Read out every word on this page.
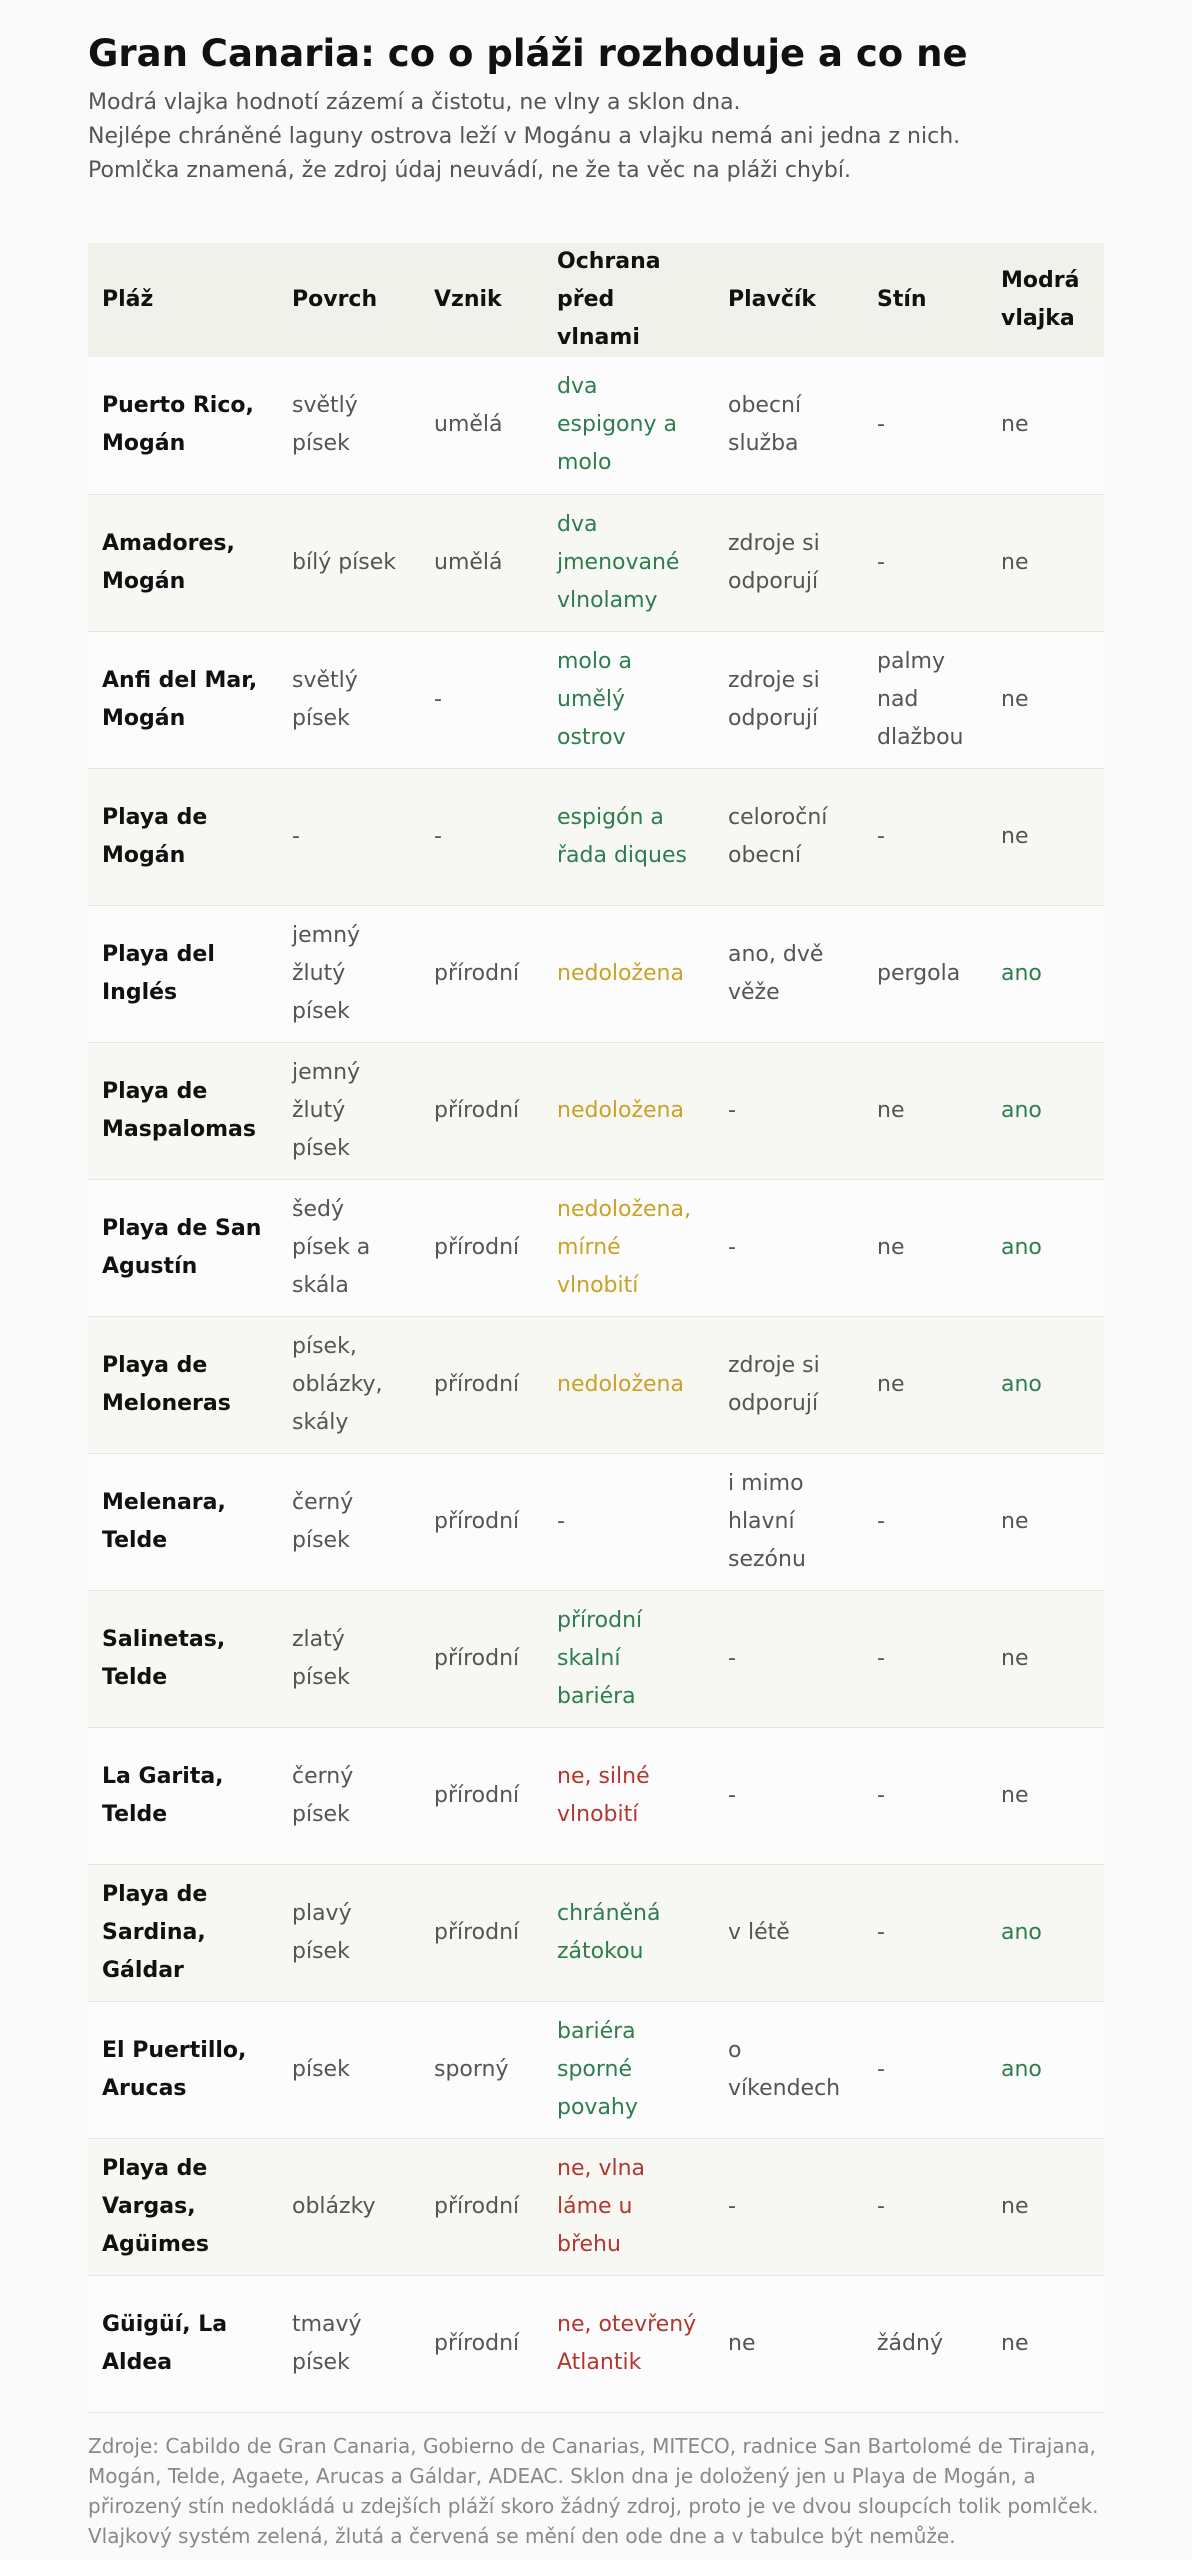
Gran Canaria: co o pláži rozhoduje a co ne
Modrá vlajka hodnotí zázemí a čistotu, ne vlny a sklon dna.
Nejlépe chráněné laguny ostrova leží v Mogánu a vlajku nemá ani jedna z nich.
Pomlčka znamená, že zdroj údaj neuvádí, ne že ta věc na pláži chybí.
Pláž	Povrch	Vznik	Ochrana před vlnami	Plavčík	Stín	Modrá vlajka
Puerto Rico, Mogán	světlý písek	umělá	dva espigony a molo	obecní služba	-	ne
Amadores, Mogán	bílý písek	umělá	dva jmenované vlnolamy	zdroje si odporují	-	ne
Anfi del Mar, Mogán	světlý písek	-	molo a umělý ostrov	zdroje si odporují	palmy nad dlažbou	ne
Playa de Mogán	-	-	espigón a řada diques	celoroční obecní	-	ne
Playa del Inglés	jemný žlutý písek	přírodní	nedoložena	ano, dvě věže	pergola	ano
Playa de Maspalomas	jemný žlutý písek	přírodní	nedoložena	-	ne	ano
Playa de San Agustín	šedý písek a skála	přírodní	nedoložena, mírné vlnobití	-	ne	ano
Playa de Meloneras	písek, oblázky, skály	přírodní	nedoložena	zdroje si odporují	ne	ano
Melenara, Telde	černý písek	přírodní	-	i mimo hlavní sezónu	-	ne
Salinetas, Telde	zlatý písek	přírodní	přírodní skalní bariéra	-	-	ne
La Garita, Telde	černý písek	přírodní	ne, silné vlnobití	-	-	ne
Playa de Sardina, Gáldar	plavý písek	přírodní	chráněná zátokou	v létě	-	ano
El Puertillo, Arucas	písek	sporný	bariéra sporné povahy	o víkendech	-	ano
Playa de Vargas, Agüimes	oblázky	přírodní	ne, vlna láme u břehu	-	-	ne
Güigüí, La Aldea	tmavý písek	přírodní	ne, otevřený Atlantik	ne	žádný	ne
Zdroje: Cabildo de Gran Canaria, Gobierno de Canarias, MITECO, radnice San Bartolomé de Tirajana,
Mogán, Telde, Agaete, Arucas a Gáldar, ADEAC. Sklon dna je doložený jen u Playa de Mogán, a
přirozený stín nedokládá u zdejších pláží skoro žádný zdroj, proto je ve dvou sloupcích tolik pomlček.
Vlajkový systém zelená, žlutá a červená se mění den ode dne a v tabulce být nemůže.
